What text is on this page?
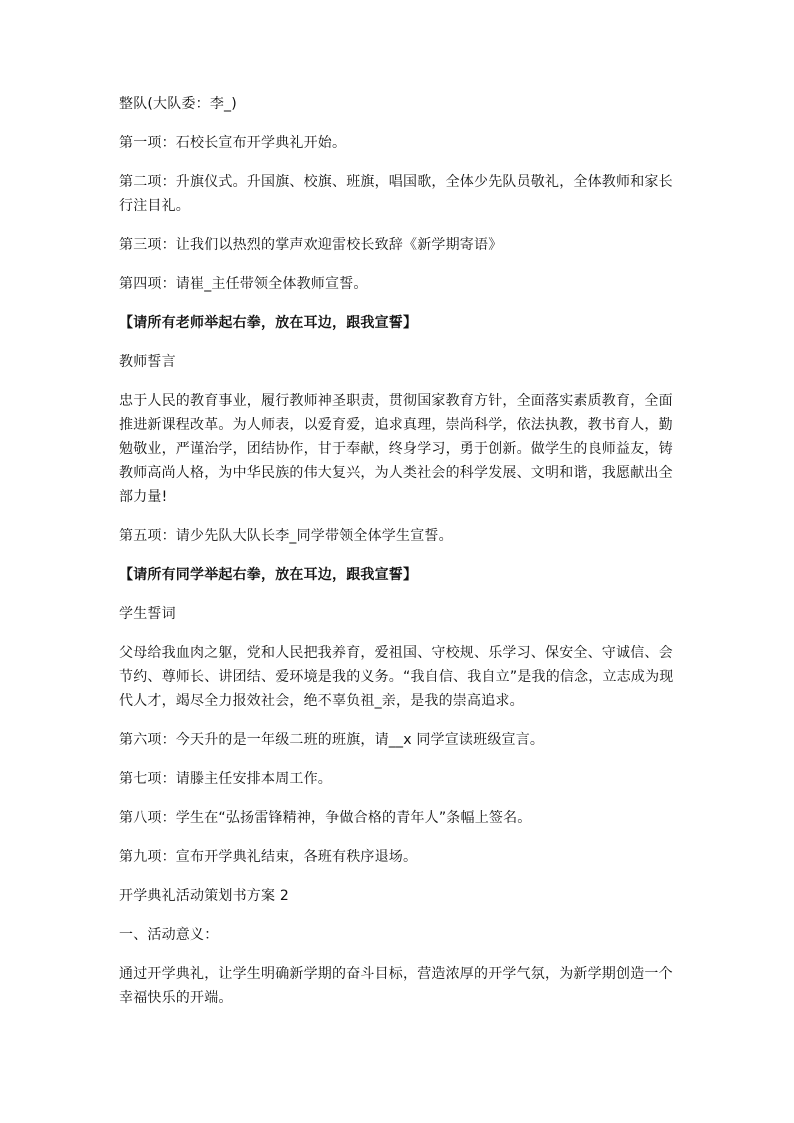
整队(大队委：李_)

第一项：石校长宣布开学典礼开始。

第二项：升旗仪式。升国旗、校旗、班旗，唱国歌，全体少先队员敬礼，全体教师和家长行注目礼。

第三项：让我们以热烈的掌声欢迎雷校长致辞《新学期寄语》

第四项：请崔_主任带领全体教师宣誓。

【请所有老师举起右拳，放在耳边，跟我宣誓】

教师誓言

忠于人民的教育事业，履行教师神圣职责，贯彻国家教育方针，全面落实素质教育，全面推进新课程改革。为人师表，以爱育爱，追求真理，崇尚科学，依法执教，教书育人，勤勉敬业，严谨治学，团结协作，甘于奉献，终身学习，勇于创新。做学生的良师益友，铸教师高尚人格，为中华民族的伟大复兴，为人类社会的科学发展、文明和谐，我愿献出全部力量!

第五项：请少先队大队长李_同学带领全体学生宣誓。

【请所有同学举起右拳，放在耳边，跟我宣誓】

学生誓词

父母给我血肉之躯，党和人民把我养育，爱祖国、守校规、乐学习、保安全、守诚信、会节约、尊师长、讲团结、爱环境是我的义务。“我自信、我自立”是我的信念，立志成为现代人才，竭尽全力报效社会，绝不辜负祖_亲，是我的崇高追求。

第六项：今天升的是一年级二班的班旗，请__x 同学宣读班级宣言。

第七项：请滕主任安排本周工作。

第八项：学生在“弘扬雷锋精神，争做合格的青年人”条幅上签名。

第九项：宣布开学典礼结束，各班有秩序退场。

开学典礼活动策划书方案 2

一、活动意义：

通过开学典礼，让学生明确新学期的奋斗目标，营造浓厚的开学气氛，为新学期创造一个幸福快乐的开端。
